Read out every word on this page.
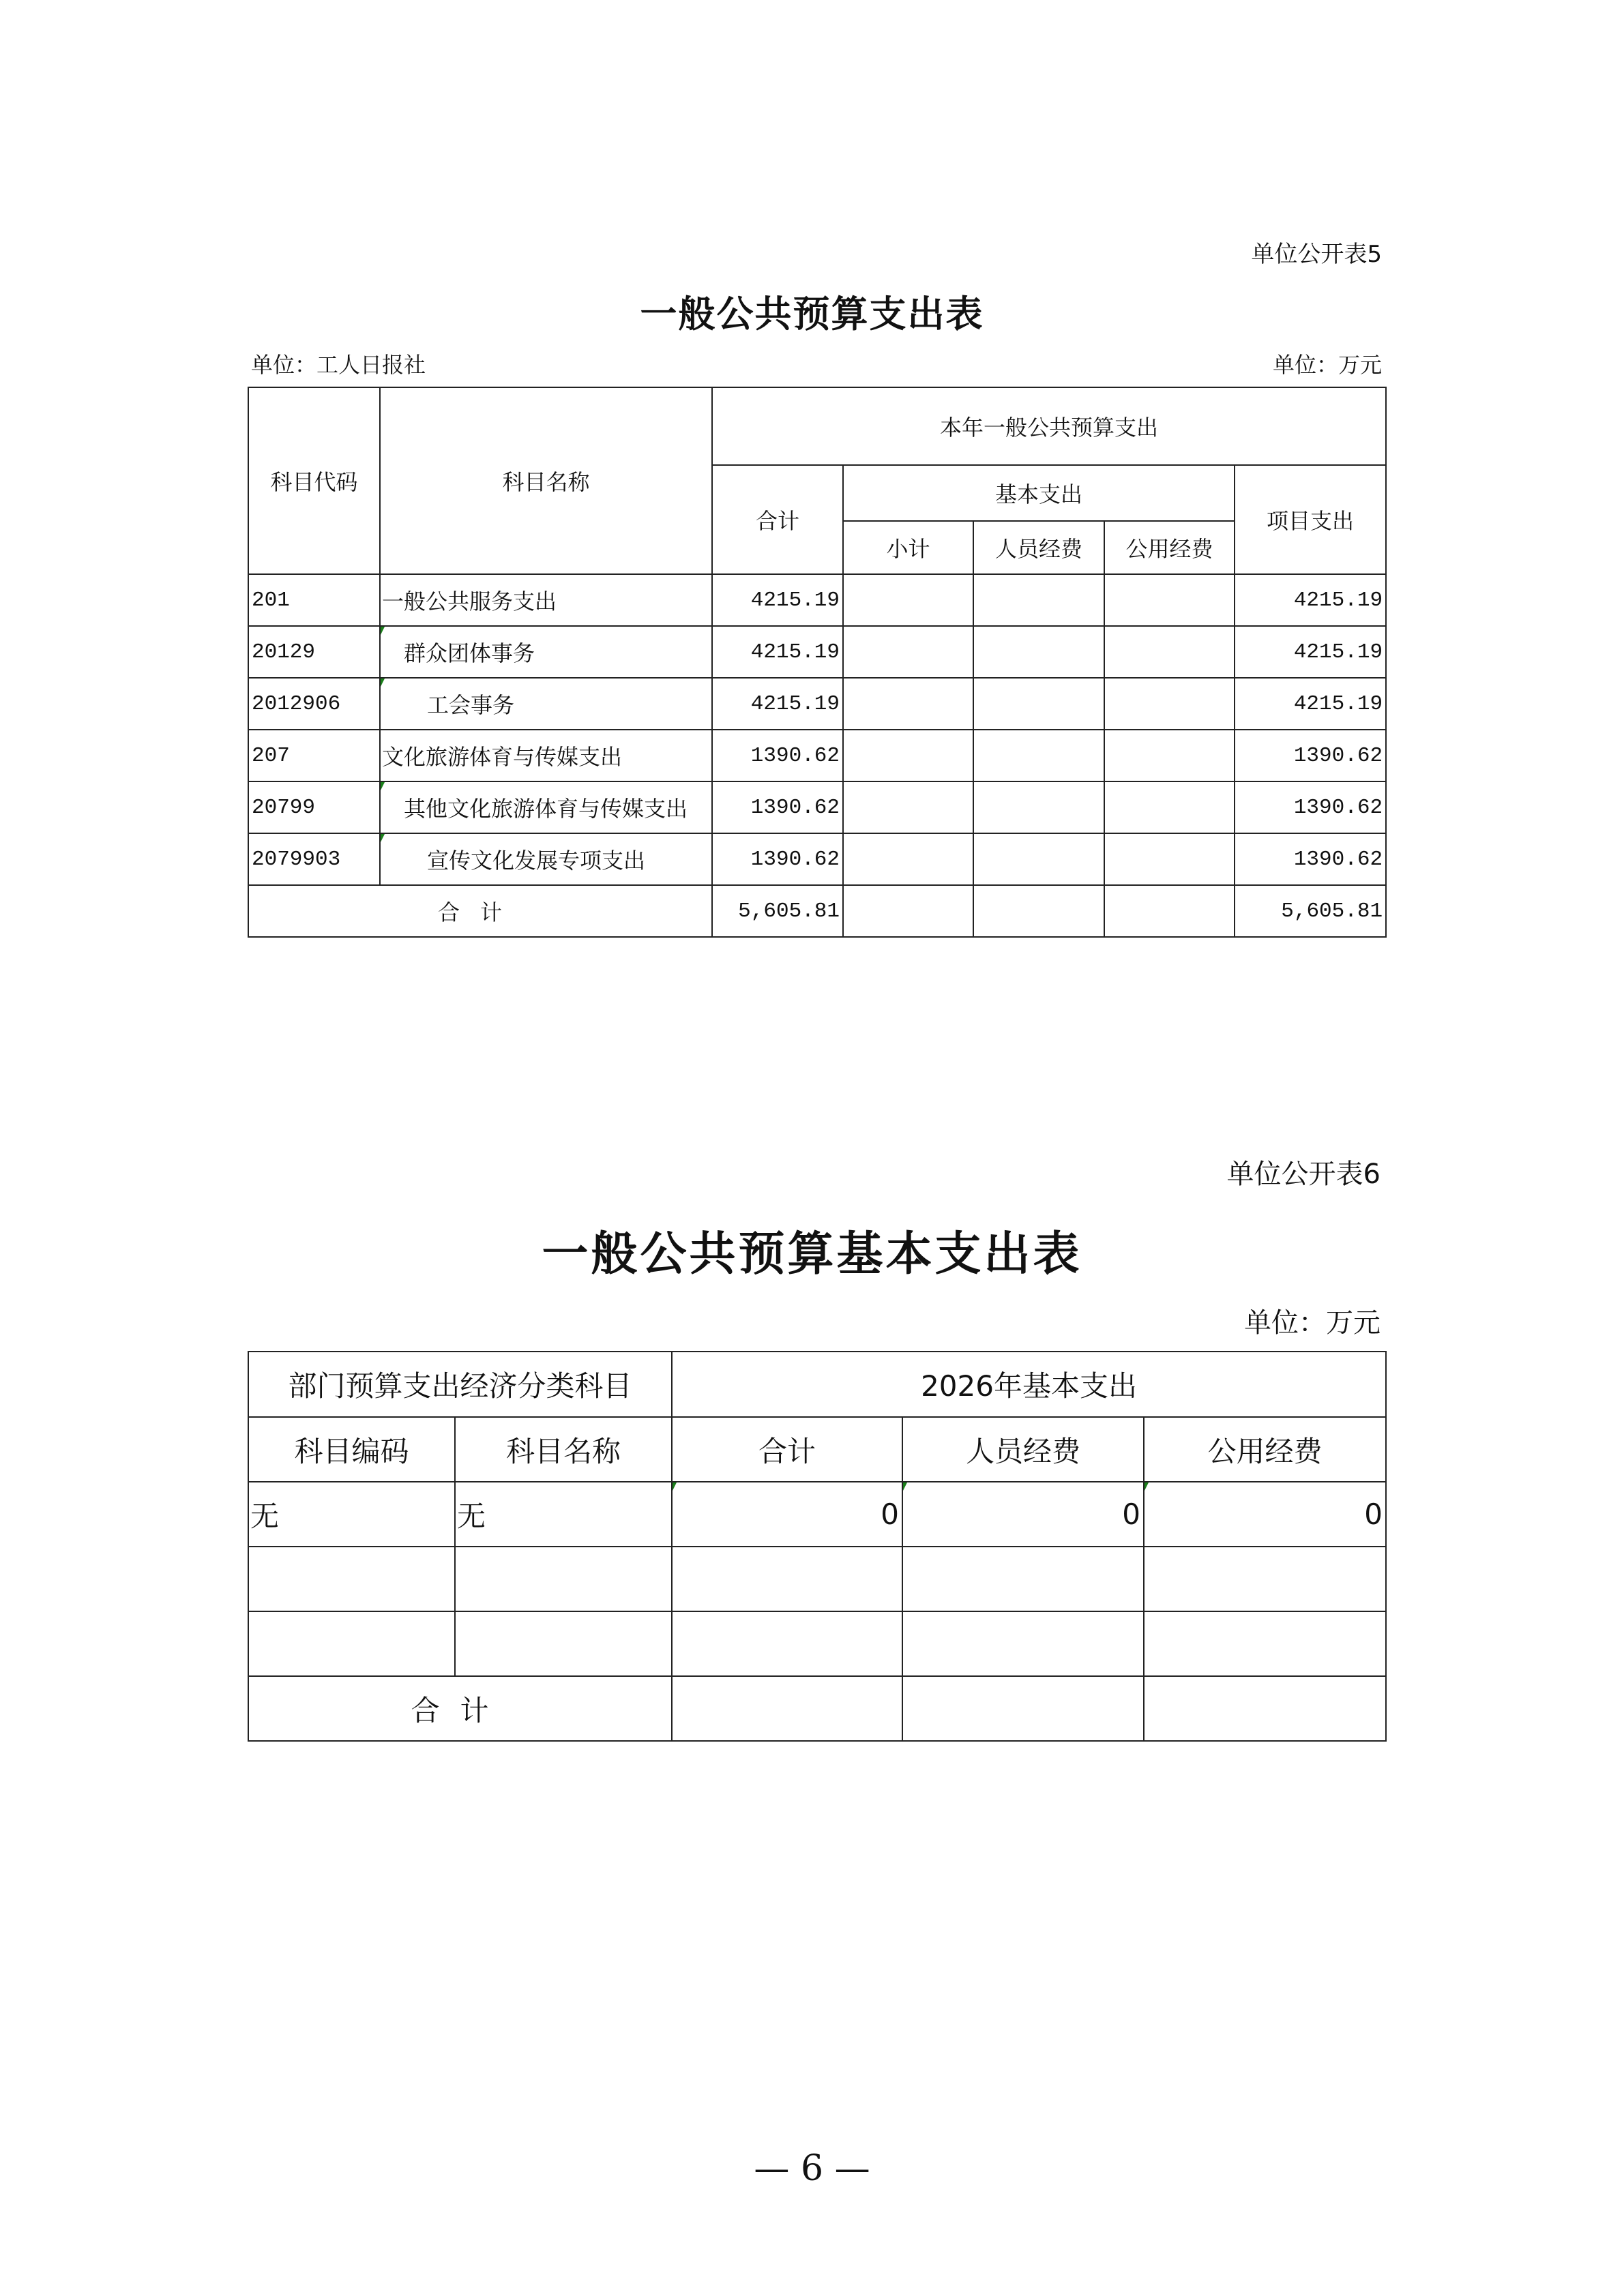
单位公开表5
一般公共预算支出表
单位：工人日报社	单位：万元
科目代码	科目名称	本年一般公共预算支出				
		合计	基本支出			项目支出
			小计	人员经费	公用经费	
201	一般公共服务支出	4215.19				4215.19
20129	群众团体事务	4215.19				4215.19
2012906	工会事务	4215.19				4215.19
207	文化旅游体育与传媒支出	1390.62				1390.62
20799	其他文化旅游体育与传媒支出	1390.62				1390.62
2079903	宣传文化发展专项支出	1390.62				1390.62
合计		5,605.81				5,605.81
单位公开表6
一般公共预算基本支出表
单位：万元
部门预算支出经济分类科目		2026年基本支出		
科目编码	科目名称	合计	人员经费	公用经费
无	无	0	0	0

合计				
— 6 —
